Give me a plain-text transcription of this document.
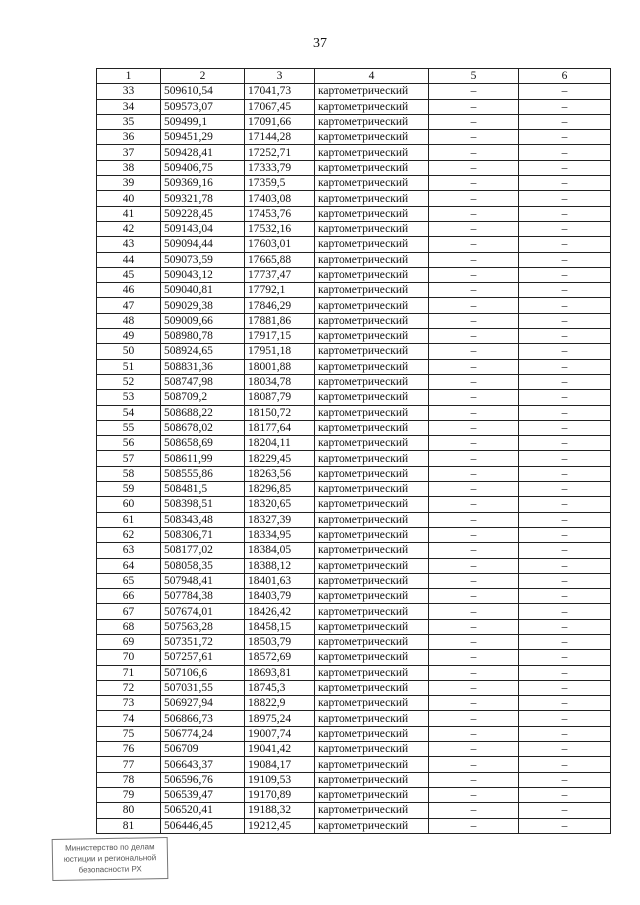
37
1	2	3	4	5	6
33	509610,54	17041,73	картометрический	–	–
34	509573,07	17067,45	картометрический	–	–
35	509499,1	17091,66	картометрический	–	–
36	509451,29	17144,28	картометрический	–	–
37	509428,41	17252,71	картометрический	–	–
38	509406,75	17333,79	картометрический	–	–
39	509369,16	17359,5	картометрический	–	–
40	509321,78	17403,08	картометрический	–	–
41	509228,45	17453,76	картометрический	–	–
42	509143,04	17532,16	картометрический	–	–
43	509094,44	17603,01	картометрический	–	–
44	509073,59	17665,88	картометрический	–	–
45	509043,12	17737,47	картометрический	–	–
46	509040,81	17792,1	картометрический	–	–
47	509029,38	17846,29	картометрический	–	–
48	509009,66	17881,86	картометрический	–	–
49	508980,78	17917,15	картометрический	–	–
50	508924,65	17951,18	картометрический	–	–
51	508831,36	18001,88	картометрический	–	–
52	508747,98	18034,78	картометрический	–	–
53	508709,2	18087,79	картометрический	–	–
54	508688,22	18150,72	картометрический	–	–
55	508678,02	18177,64	картометрический	–	–
56	508658,69	18204,11	картометрический	–	–
57	508611,99	18229,45	картометрический	–	–
58	508555,86	18263,56	картометрический	–	–
59	508481,5	18296,85	картометрический	–	–
60	508398,51	18320,65	картометрический	–	–
61	508343,48	18327,39	картометрический	–	–
62	508306,71	18334,95	картометрический	–	–
63	508177,02	18384,05	картометрический	–	–
64	508058,35	18388,12	картометрический	–	–
65	507948,41	18401,63	картометрический	–	–
66	507784,38	18403,79	картометрический	–	–
67	507674,01	18426,42	картометрический	–	–
68	507563,28	18458,15	картометрический	–	–
69	507351,72	18503,79	картометрический	–	–
70	507257,61	18572,69	картометрический	–	–
71	507106,6	18693,81	картометрический	–	–
72	507031,55	18745,3	картометрический	–	–
73	506927,94	18822,9	картометрический	–	–
74	506866,73	18975,24	картометрический	–	–
75	506774,24	19007,74	картометрический	–	–
76	506709	19041,42	картометрический	–	–
77	506643,37	19084,17	картометрический	–	–
78	506596,76	19109,53	картометрический	–	–
79	506539,47	19170,89	картометрический	–	–
80	506520,41	19188,32	картометрический	–	–
81	506446,45	19212,45	картометрический	–	–
Министерство по делам
юстиции и региональной
безопасности РХ
